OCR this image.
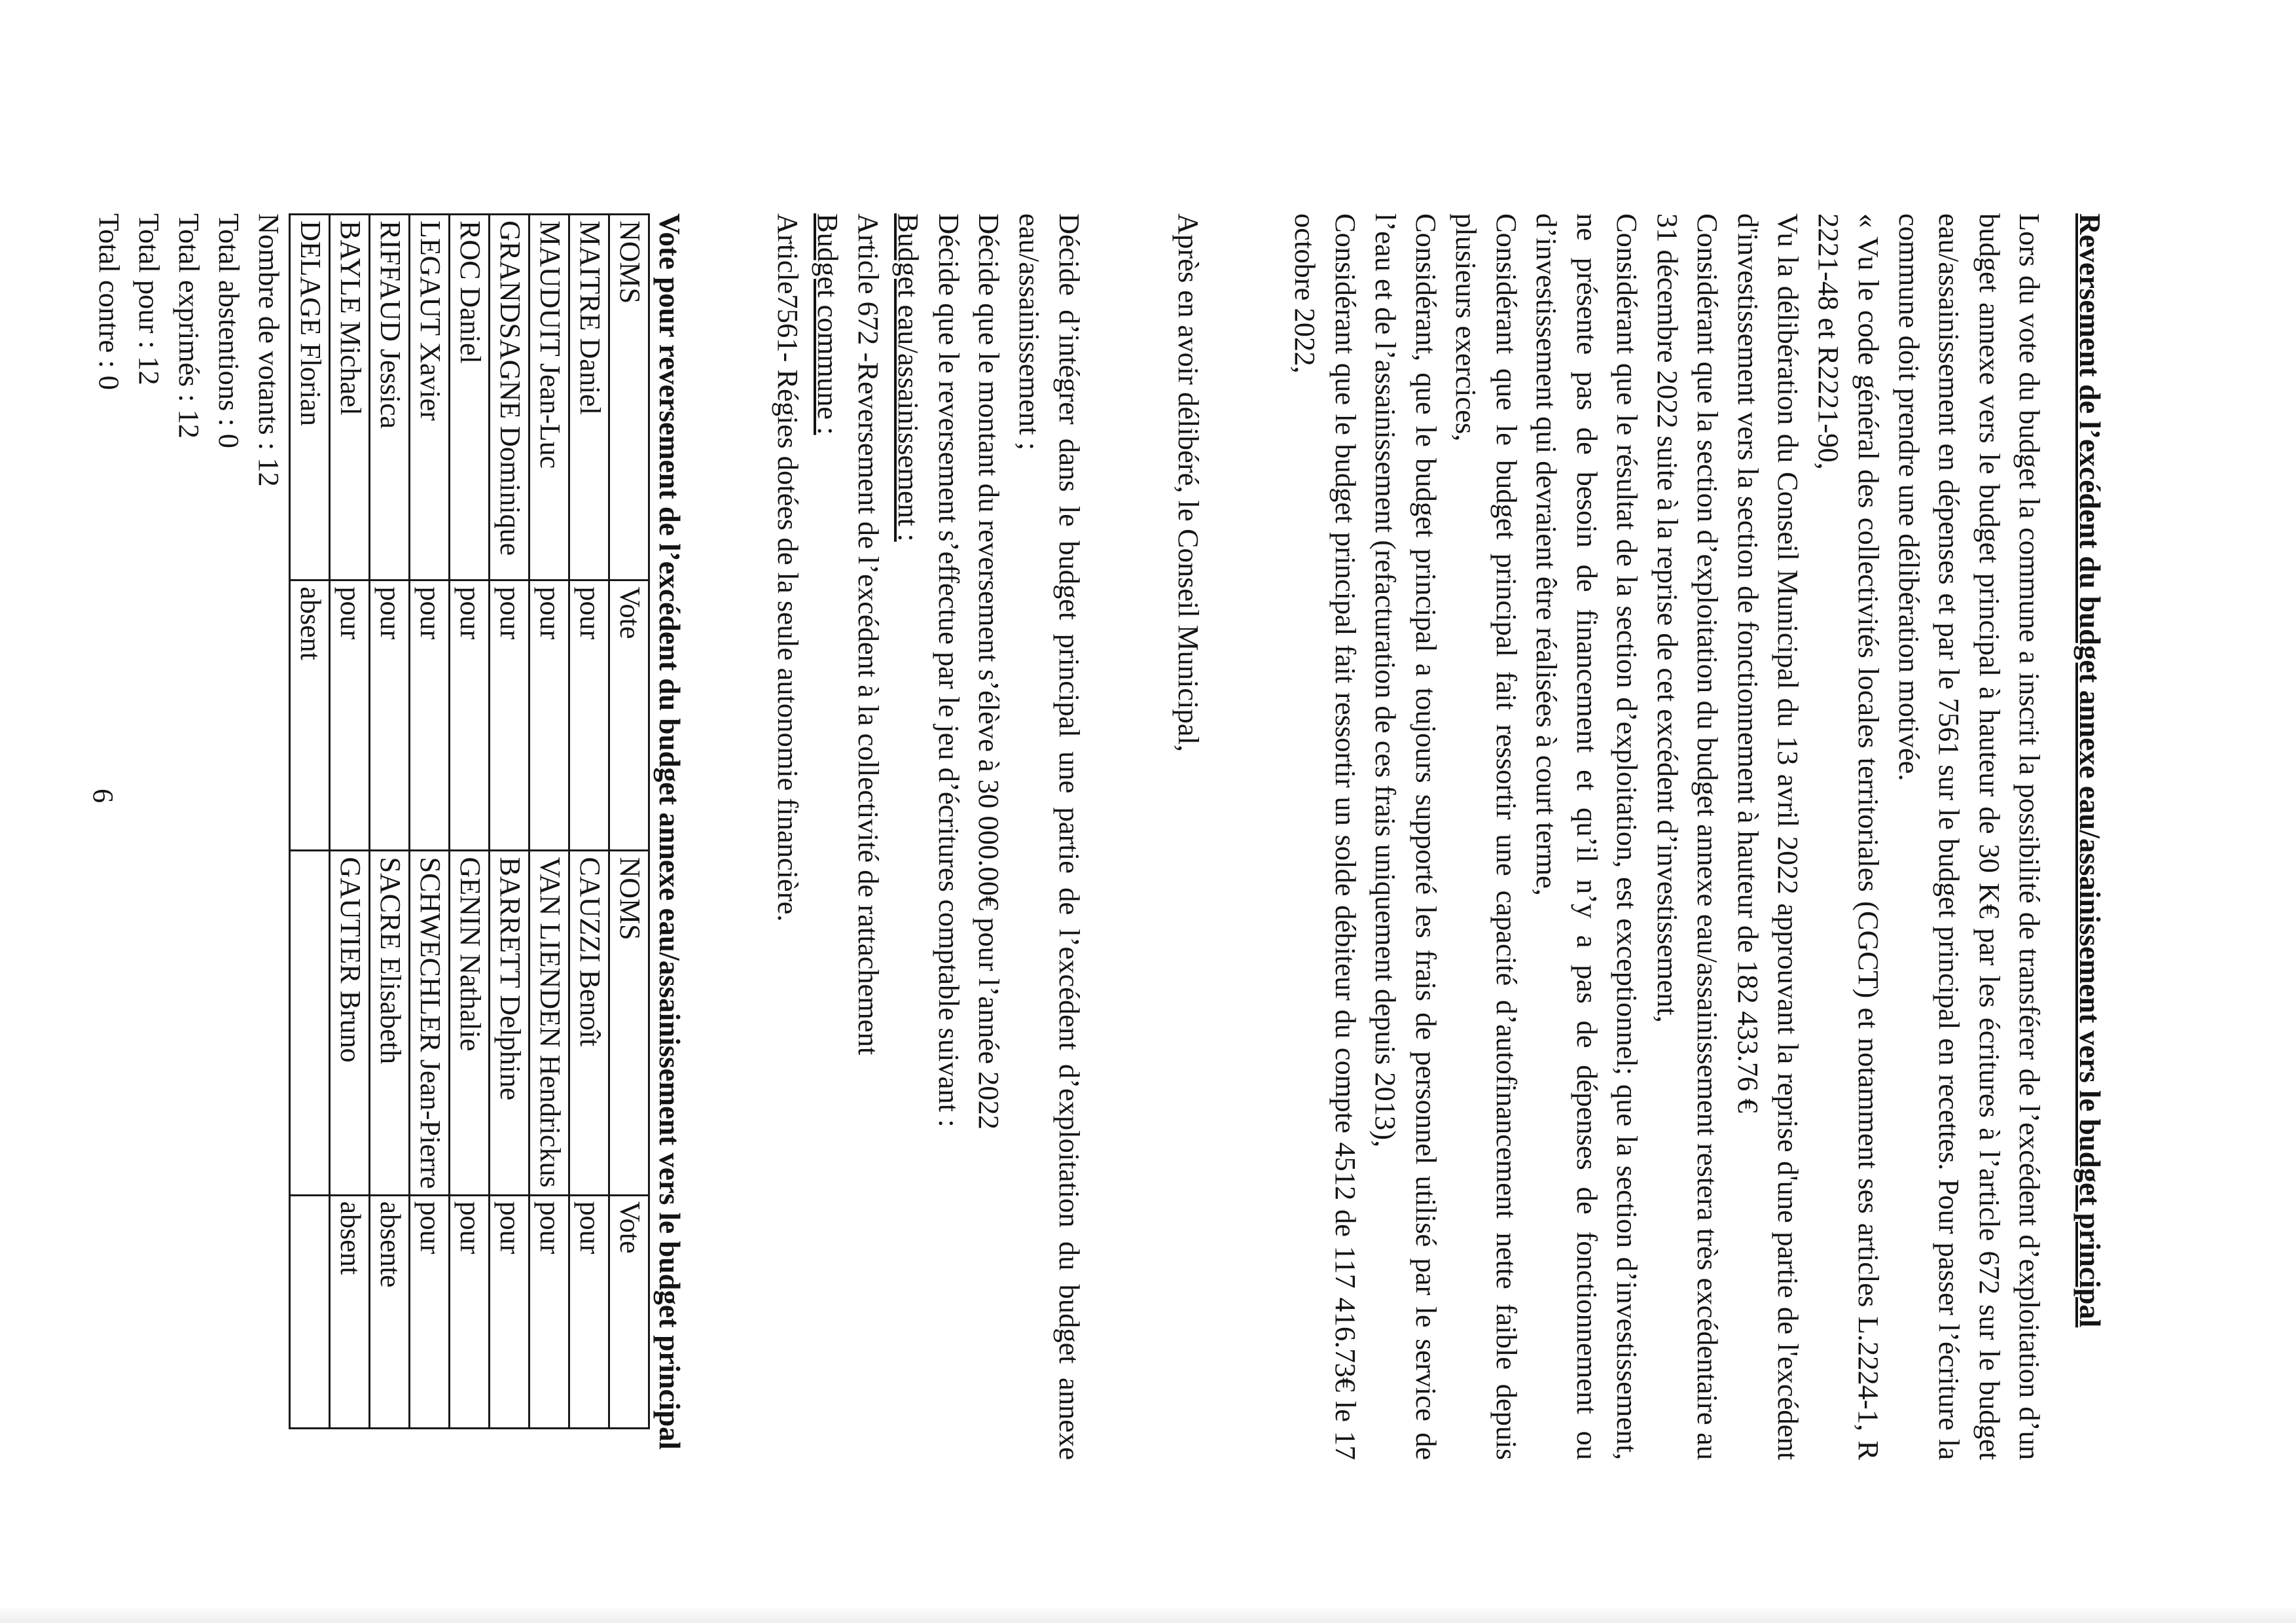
Reversement de l’excédent du budget annexe eau/assainissement vers le budget principal

Lors du vote du budget la commune a inscrit la possibilité de transférer de l’excédent d’exploitation d’un budget annexe vers le budget principal à hauteur de 30 K€ par les écritures à l’article 672 sur le budget eau/assainissement en dépenses et par le 7561 sur le budget principal en recettes. Pour passer l’écriture la commune doit prendre une délibération motivée.

« Vu le code général des collectivités locales territoriales (CGCT) et notamment ses articles L.2224-1, R 2221-48 et R2221-90,

Vu la délibération du Conseil Municipal du 13 avril 2022 approuvant la reprise d'une partie de l'excédent d'investissement vers la section de fonctionnement à hauteur de 182 433.76 €

Considérant que la section d’exploitation du budget annexe eau/assainissement restera très excédentaire au 31 décembre 2022 suite à la reprise de cet excédent d’investissement,

Considérant que le résultat de la section d’exploitation, est exceptionnel; que la section d’investissement, ne présente pas de besoin de financement et qu’il n’y a pas de dépenses de fonctionnement ou d’investissement qui devraient être réalisées à court terme,

Considérant que le budget principal fait ressortir une capacité d’autofinancement nette faible depuis plusieurs exercices,

Considérant, que le budget principal a toujours supporté les frais de personnel utilisé par le service de l’eau et de l’assainissement (refacturation de ces frais uniquement depuis 2013),

Considérant que le budget principal fait ressortir un solde débiteur du compte 4512 de 117 416.73€ le 17 octobre 2022,

Après en avoir délibéré, le Conseil Municipal,

Décide d’intégrer dans le budget principal une partie de l’excédent d’exploitation du budget annexe eau/assainissement ;

Décide que le montant du reversement s’élève à 30 000.00€ pour l’année 2022

Décide que le reversement s’effectue par le jeu d’écritures comptable suivant :

Budget eau/assainissement :

Article 672 -Reversement de l’excédent à la collectivité de rattachement

Budget commune :

Article7561- Régies dotées de la seule autonomie financière.

Vote pour reversement de l’excédent du budget annexe eau/assainissement vers le budget principal

NOMS	Vote	NOMS	Vote
MAITRE Daniel	pour	CAUZZI Benoît	pour
MAUDUIT Jean-Luc	pour	VAN LIENDEN Hendrickus	pour
GRANDSAGNE Dominique	pour	BARRETT Delphine	pour
ROC Daniel	pour	GENIN Nathalie	pour
LEGAUT Xavier	pour	SCHWECHLER Jean-Pierre	pour
RIFFAUD Jessica	pour	SACRE Elisabeth	absente
BAYLE Michael	pour	GAUTIER Bruno	absent
DELAGE Florian	absent		

Nombre de votants : 12

Total abstentions : 0

Total exprimés : 12

Total pour : 12

Total contre : 0

6
